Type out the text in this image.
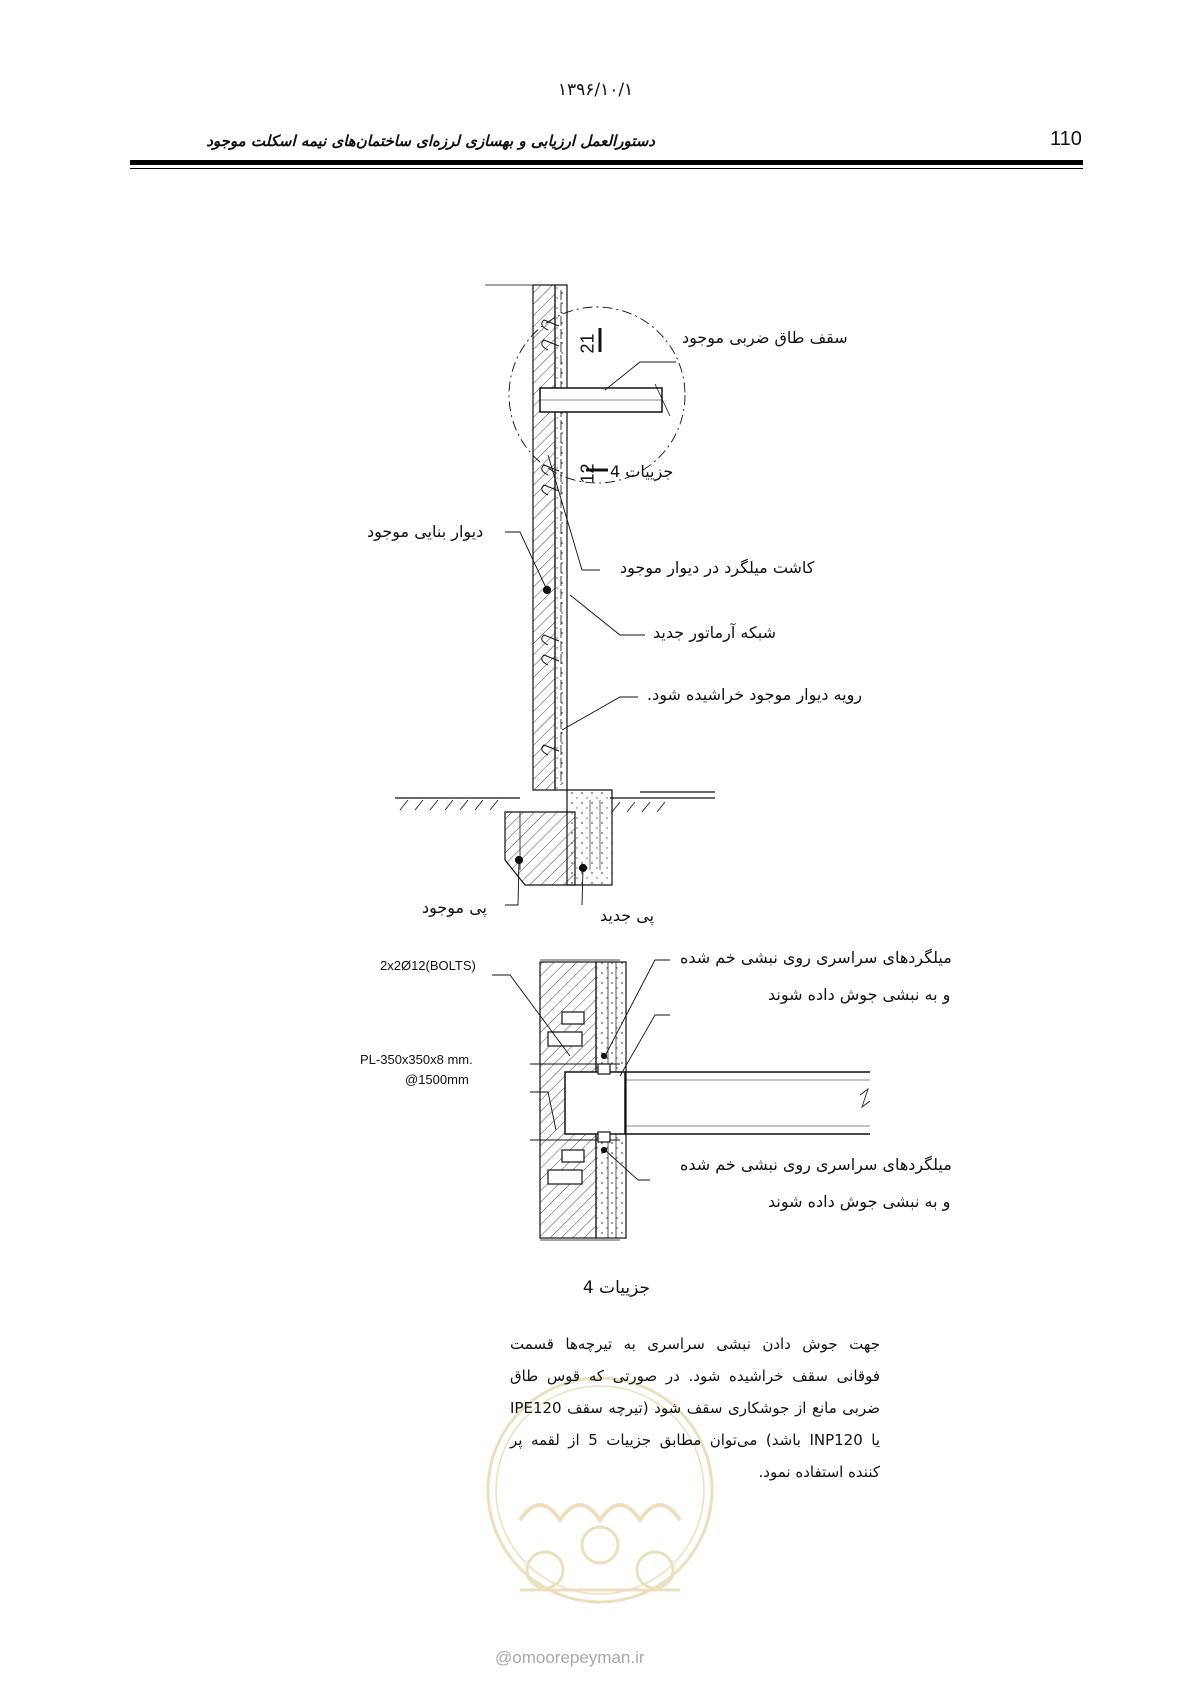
۱۳۹۶/۱۰/۱
110
دستورالعمل ارزیابی و بهسازی لرزه‌ای ساختمان‌های نیمه اسکلت موجود
سقف طاق ضربی موجود
جزییات 4
21
12
دیوار بنایی موجود
کاشت میلگرد در دیوار موجود
شبکه آرماتور جدید
رویه دیوار موجود خراشیده شود.
پی موجود	پی جدید
2x2Ø12(BOLTS)
PL-350x350x8 mm.
@1500mm
میلگردهای سراسری روی نبشی خم شده
و به نبشی جوش داده شوند
میلگردهای سراسری روی نبشی خم شده
و به نبشی جوش داده شوند
جزییات 4
جهت جوش دادن نبشی سراسری به تیرچه‌ها قسمت فوقانی سقف خراشیده شود. در صورتی که قوس طاق ضربی مانع از جوشکاری سقف شود (تیرچه سقف IPE120 یا INP120 باشد) می‌توان مطابق جزییات 5 از لقمه پر کننده استفاده نمود.
@omoorepeyman.ir
